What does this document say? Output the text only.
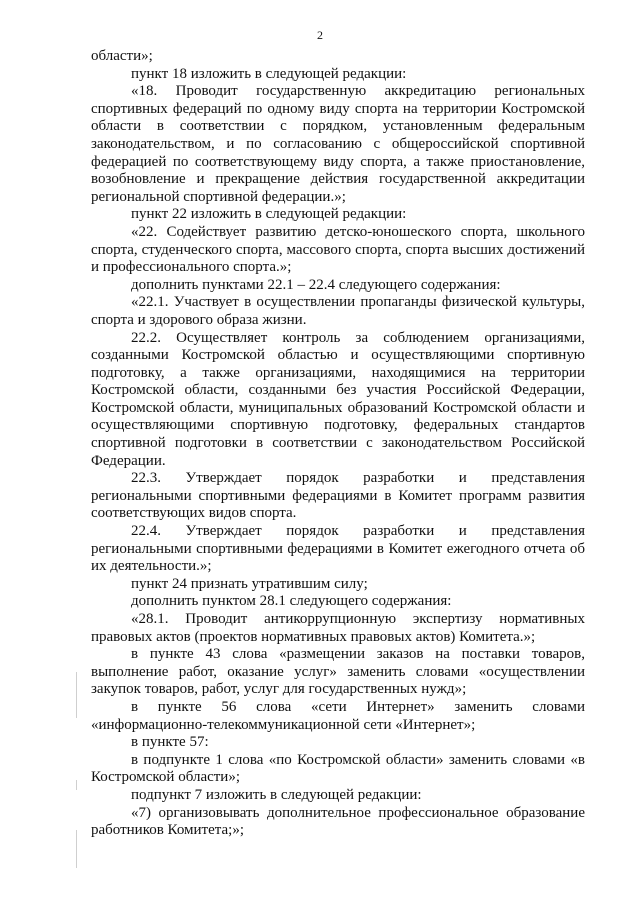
2

области»;

пункт 18 изложить в следующей редакции:

«18. Проводит государственную аккредитацию региональных спортивных федераций по одному виду спорта на территории Костромской области в соответствии с порядком, установленным федеральным законодательством, и по согласованию с общероссийской спортивной федерацией по соответствующему виду спорта, а также приостановление, возобновление и прекращение действия государственной аккредитации региональной спортивной федерации.»;

пункт 22 изложить в следующей редакции:

«22. Содействует развитию детско-юношеского спорта, школьного спорта, студенческого спорта, массового спорта, спорта высших достижений и профессионального спорта.»;

дополнить пунктами 22.1 – 22.4 следующего содержания:

«22.1. Участвует в осуществлении пропаганды физической культуры, спорта и здорового образа жизни.

22.2. Осуществляет контроль за соблюдением организациями, созданными Костромской областью и осуществляющими спортивную подготовку, а также организациями, находящимися на территории Костромской области, созданными без участия Российской Федерации, Костромской области, муниципальных образований Костромской области и осуществляющими спортивную подготовку, федеральных стандартов спортивной подготовки в соответствии с законодательством Российской Федерации.

22.3. Утверждает порядок разработки и представления региональными спортивными федерациями в Комитет программ развития соответствующих видов спорта.

22.4. Утверждает порядок разработки и представления региональными спортивными федерациями в Комитет ежегодного отчета об их деятельности.»;

пункт 24 признать утратившим силу;

дополнить пунктом 28.1 следующего содержания:

«28.1. Проводит антикоррупционную экспертизу нормативных правовых актов (проектов нормативных правовых актов) Комитета.»;

в пункте 43 слова «размещении заказов на поставки товаров, выполнение работ, оказание услуг» заменить словами «осуществлении закупок товаров, работ, услуг для государственных нужд»;

в пункте 56 слова «сети Интернет» заменить словами «информационно-телекоммуникационной сети «Интернет»;

в пункте 57:

в подпункте 1 слова «по Костромской области» заменить словами «в Костромской области»;

подпункт 7 изложить в следующей редакции:

«7) организовывать дополнительное профессиональное образование работников Комитета;»;
